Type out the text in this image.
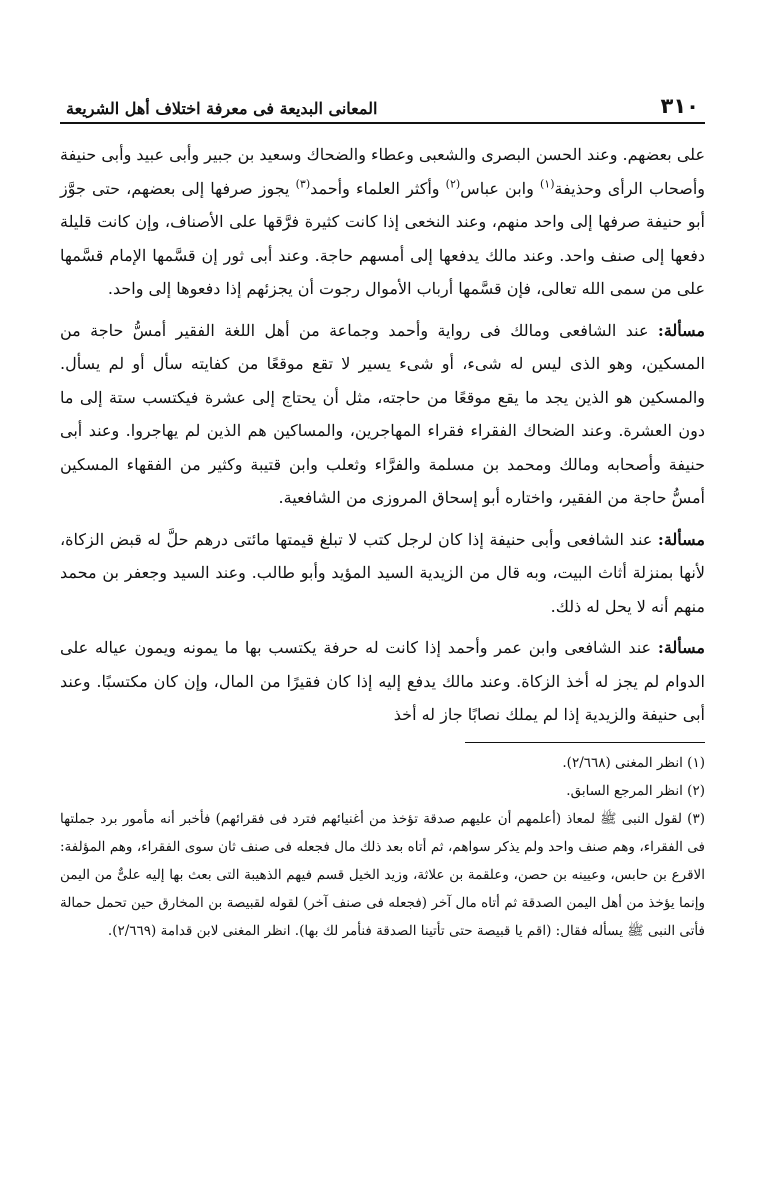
٣١٠
المعانى البديعة فى معرفة اختلاف أهل الشريعة

على بعضهم. وعند الحسن البصرى والشعبى وعطاء والضحاك وسعيد بن جبير وأبى عبيد وأبى حنيفة وأصحاب الرأى وحذيفة$^{(١)}$ وابن عباس$^{(٢)}$ وأكثر العلماء وأحمد$^{(٣)}$ يجوز صرفها إلى بعضهم، حتى جوَّز أبو حنيفة صرفها إلى واحد منهم، وعند النخعى إذا كانت كثيرة فرَّقها على الأصناف، وإن كانت قليلة دفعها إلى صنف واحد. وعند مالك يدفعها إلى أمسهم حاجة. وعند أبى ثور إن قسَّمها الإمام قسَّمها على من سمى الله تعالى، فإن قسَّمها أرباب الأموال رجوت أن يجزئهم إذا دفعوها إلى واحد.

مسألة: عند الشافعى ومالك فى رواية وأحمد وجماعة من أهل اللغة الفقير أمسُّ حاجة من المسكين، وهو الذى ليس له شىء، أو شىء يسير لا تقع موقعًا من كفايته سأل أو لم يسأل. والمسكين هو الذين يجد ما يقع موقعًا من حاجته، مثل أن يحتاج إلى عشرة فيكتسب ستة إلى ما دون العشرة. وعند الضحاك الفقراء فقراء المهاجرين، والمساكين هم الذين لم يهاجروا. وعند أبى حنيفة وأصحابه ومالك ومحمد بن مسلمة والفرَّاء وثعلب وابن قتيبة وكثير من الفقهاء المسكين أمسُّ حاجة من الفقير، واختاره أبو إسحاق المروزى من الشافعية.

مسألة: عند الشافعى وأبى حنيفة إذا كان لرجل كتب لا تبلغ قيمتها مائتى درهم حلَّ له قبض الزكاة، لأنها بمنزلة أثاث البيت، وبه قال من الزيدية السيد المؤيد وأبو طالب. وعند السيد وجعفر بن محمد منهم أنه لا يحل له ذلك.

مسألة: عند الشافعى وابن عمر وأحمد إذا كانت له حرفة يكتسب بها ما يمونه ويمون عياله على الدوام لم يجز له أخذ الزكاة. وعند مالك يدفع إليه إذا كان فقيرًا من المال، وإن كان مكتسبًا. وعند أبى حنيفة والزيدية إذا لم يملك نصابًا جاز له أخذ

(١) انظر المغنى (٢/٦٦٨).

(٢) انظر المرجع السابق.

(٣) لقول النبى ﷺ لمعاذ (أعلمهم أن عليهم صدقة تؤخذ من أغنيائهم فترد فى فقرائهم) فأخبر أنه مأمور برد جملتها فى الفقراء، وهم صنف واحد ولم يذكر سواهم، ثم أتاه بعد ذلك مال فجعله فى صنف ثان سوى الفقراء، وهم المؤلفة: الاقرع بن حابس، وعيينه بن حصن، وعلقمة بن علاثة، وزيد الخيل قسم فيهم الذهيبة التى بعث بها إليه علىٌّ من اليمن وإنما يؤخذ من أهل اليمن الصدقة ثم أتاه مال آخر (فجعله فى صنف آخر) لقوله لقبيصة بن المخارق حين تحمل حمالة فأتى النبى ﷺ يسأله فقال: (اقم يا قبيصة حتى تأتينا الصدقة فنأمر لك بها). انظر المغنى لابن قدامة (٢/٦٦٩).
